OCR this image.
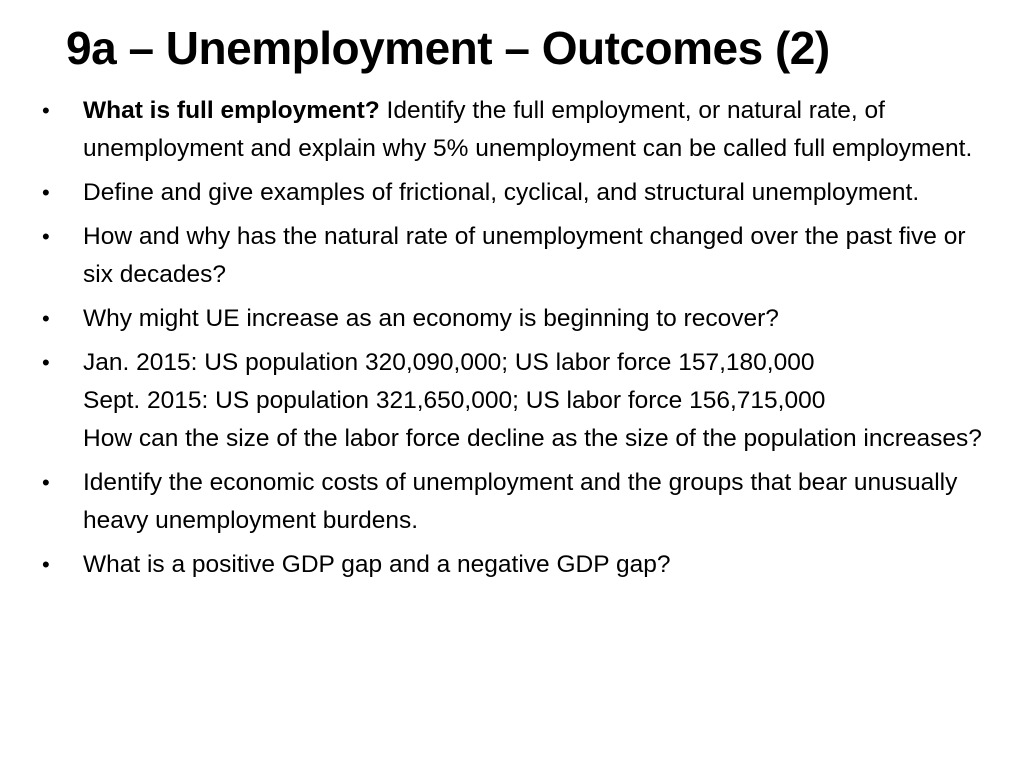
9a – Unemployment – Outcomes (2)
•	What is full employment? Identify the full employment, or natural rate, of unemployment and explain why 5% unemployment can be called full employment.
•	Define and give examples of frictional, cyclical, and structural unemployment.
•	How and why has the natural rate of unemployment changed over the past five or six decades?
•	Why might UE increase as an economy is beginning to recover?
•	Jan. 2015: US population 320,090,000; US labor force 157,180,000
Sept. 2015: US population 321,650,000; US labor force 156,715,000
How can the size of the labor force decline as the size of the population increases?
•	Identify the economic costs of unemployment and the groups that bear unusually heavy unemployment burdens.
•	What is a positive GDP gap and a negative GDP gap?
